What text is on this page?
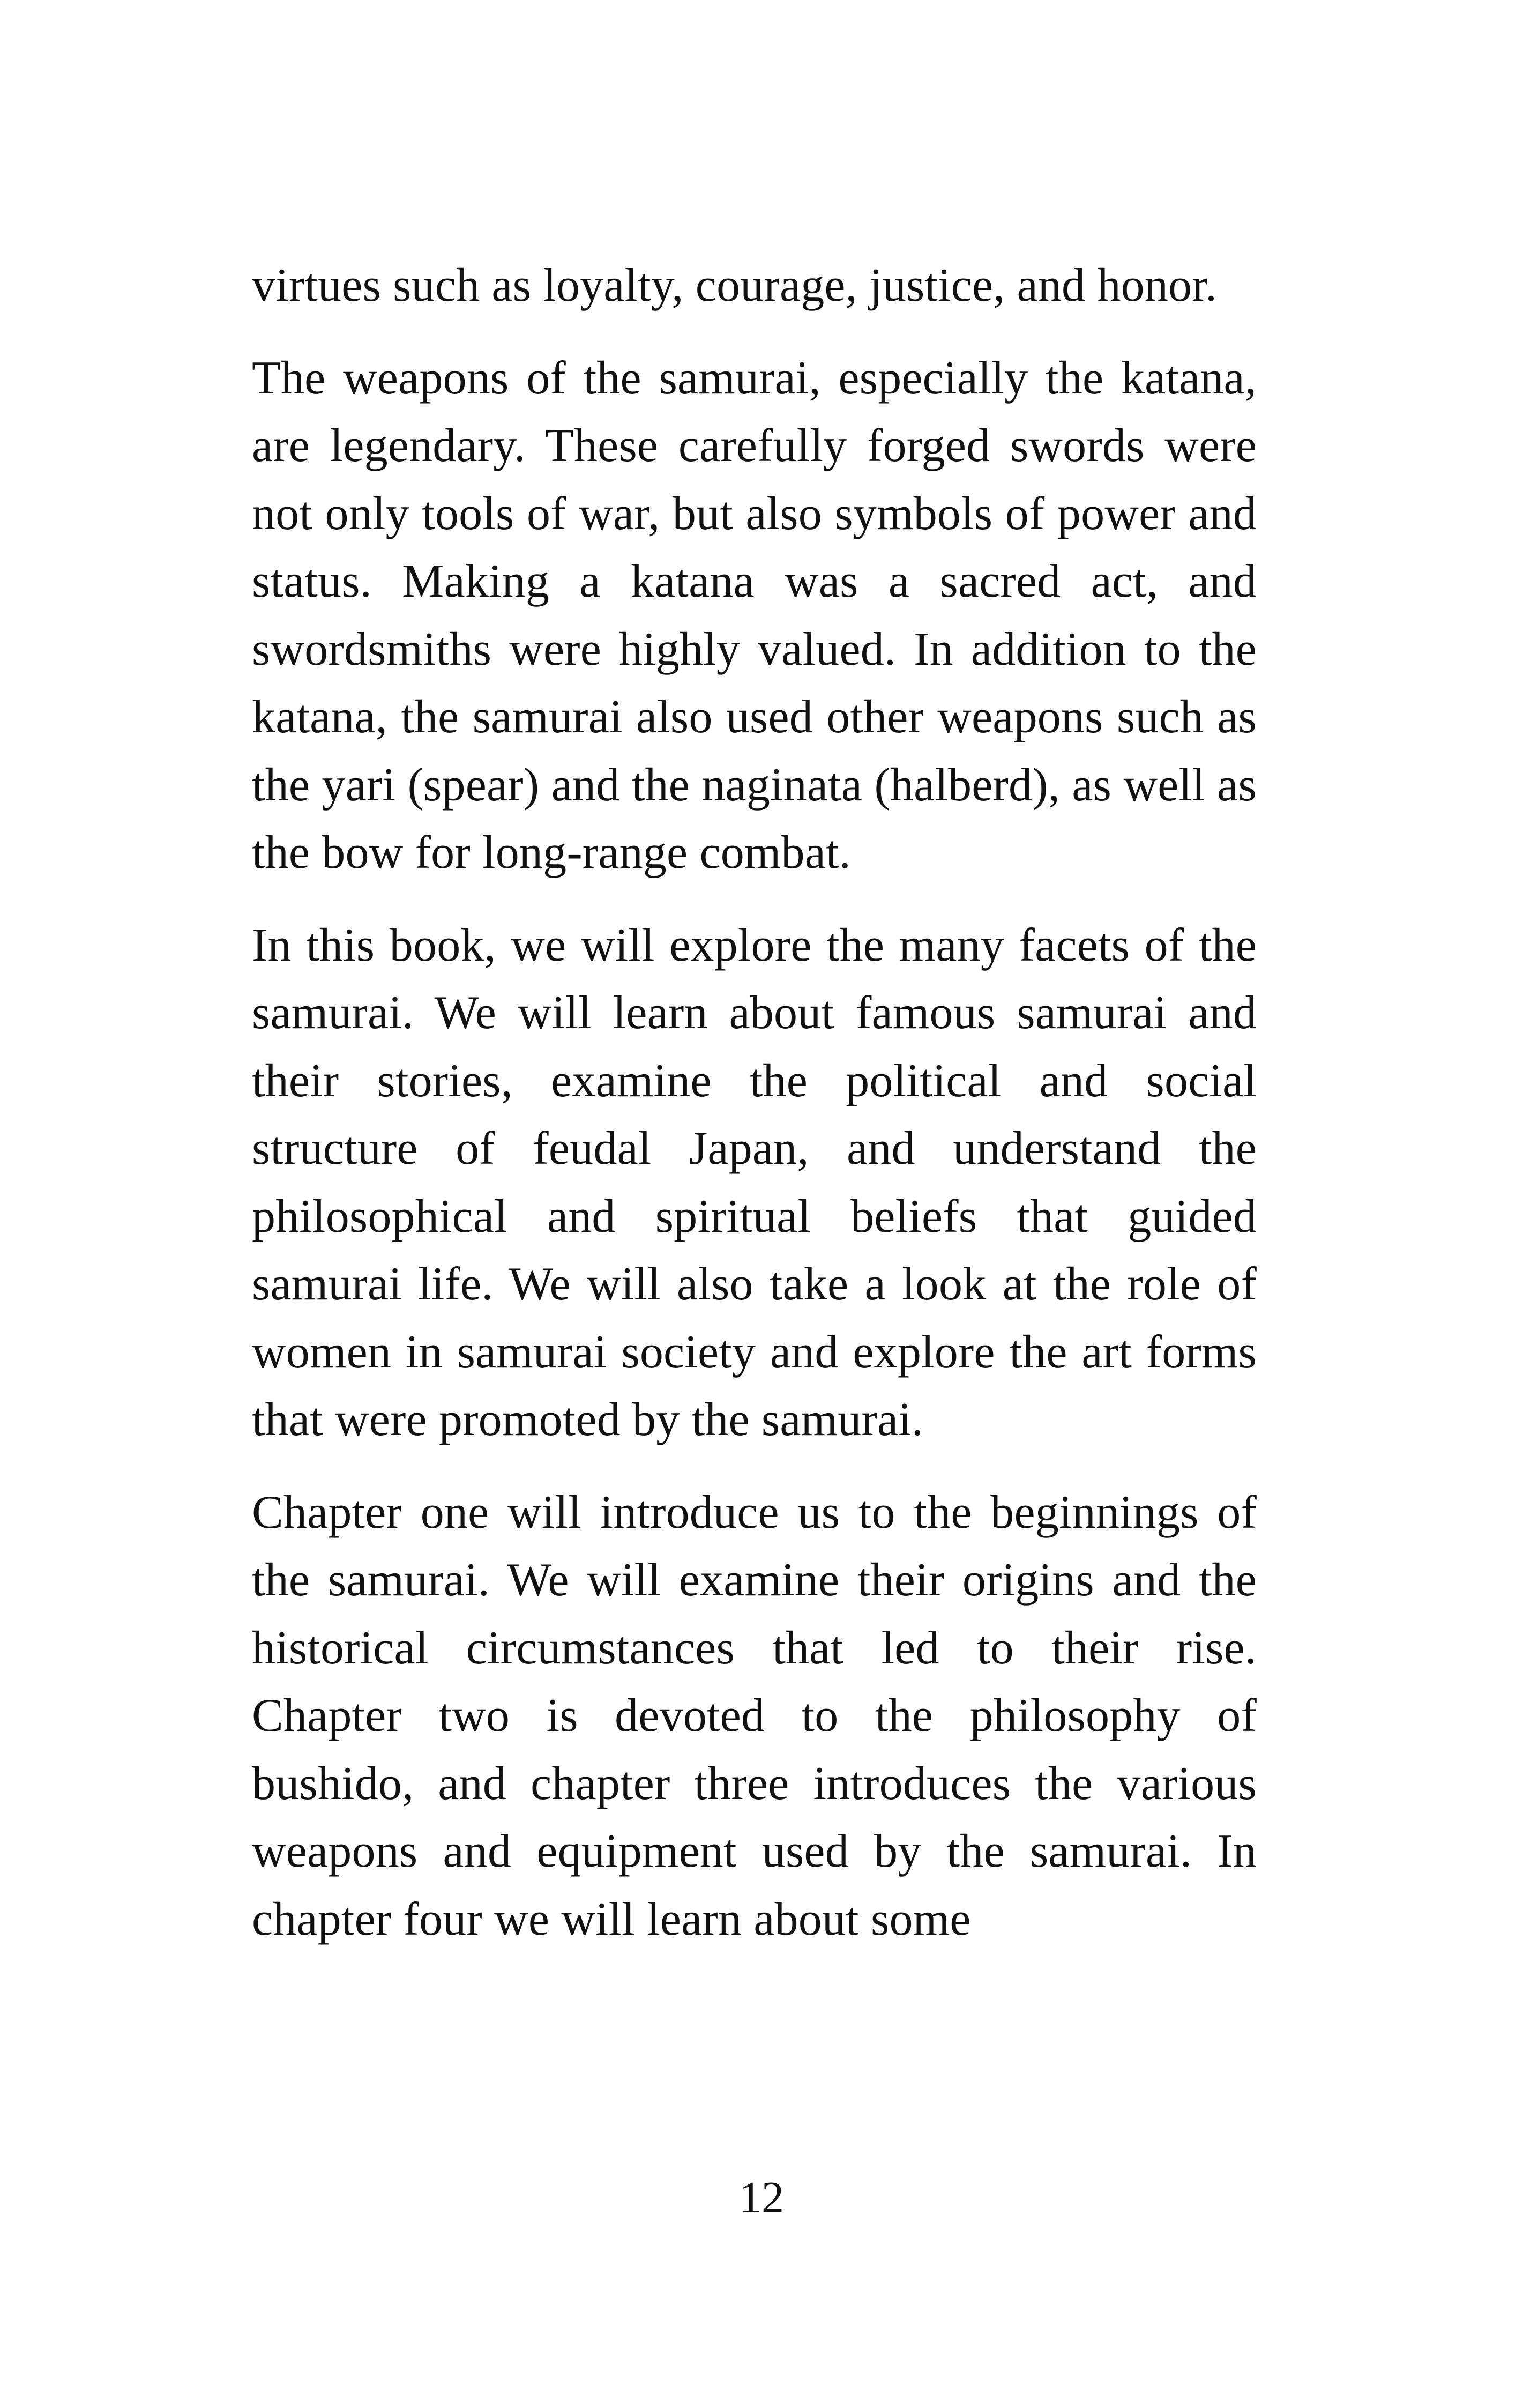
virtues such as loyalty, courage, justice, and honor.

The weapons of the samurai, especially the katana, are legendary. These carefully forged swords were not only tools of war, but also symbols of power and status. Making a katana was a sacred act, and swordsmiths were highly valued. In addition to the katana, the samurai also used other weapons such as the yari (spear) and the naginata (halberd), as well as the bow for long-range combat.

In this book, we will explore the many facets of the samurai. We will learn about famous samurai and their stories, examine the political and social structure of feudal Japan, and understand the philosophical and spiritual beliefs that guided samurai life. We will also take a look at the role of women in samurai society and explore the art forms that were promoted by the samurai.

Chapter one will introduce us to the beginnings of the samurai. We will examine their origins and the historical circumstances that led to their rise. Chapter two is devoted to the philosophy of bushido, and chapter three introduces the various weapons and equipment used by the samurai. In chapter four we will learn about some

12
